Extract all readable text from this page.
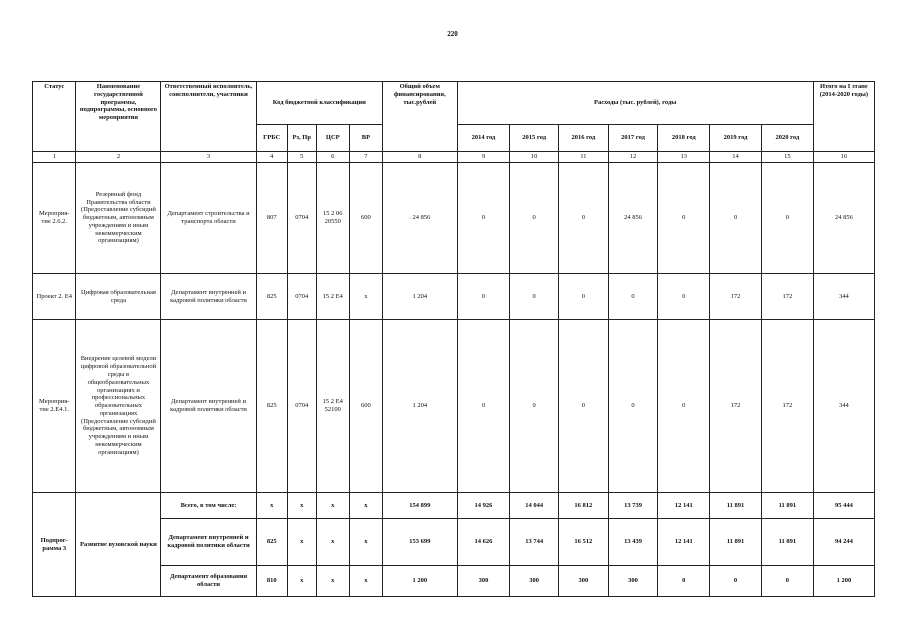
220
Статус	Наименование государственной программы, подпрограммы, основного мероприятия	Ответственный исполнитель, соисполнители, участники	Код бюджетной классификации				Общий объем финансирования, тыс.рублей	Расходы (тыс. рублей), годы							Итого на I этапе (2014-2020 годы)
			ГРБС	Рз, Пр	ЦСР	ВР		2014 год	2015 год	2016 год	2017 год	2018 год	2019 год	2020 год	
1	2	3	4	5	6	7	8	9	10	11	12	13	14	15	16
Мероприя-тие 2.6.2.	Резервный фонд Правительства области (Предоставление субсидий бюджетным, автономным учреждениям и иным некоммерческим организациям)	Департамент строительства и транспорта области	807	0704	15 2 06 20550	600	. 24 856	0	0	0	24 856	0	0	0	24 856
Проект 2. Е4	Цифровая образовательная среда	Департамент внутренней и кадровой политики области	825	0704	15 2 Е4	x	1 204	0	0	0	0	0	172	172	344
Мероприя-тие 2.Е4.1.	Внедрение целевой модели цифровой образовательной среды в общеобразовательных организациях и профессиональных образовательных организациях (Предоставление субсидий бюджетным, автономным учреждениям и иным некоммерческим организациям)	Департамент внутренней и кадровой политики области	825	0704	15 2 Е4 52100	600	1 204	0	0	0	0	0	172	172	344
Подпрог-рамма 3	Развитие вузовской науки	Всего, в том числе:	x	x	x	x	154 899	14 926	14 044	16 812	13 739	12 141	11 891	11 891	95 444
		Департамент внутренней и кадровой политики области	825	x	x	x	153 699	14 626	13 744	16 512	13 439	12 141	11 891	11 891	94 244
		Департамент образования области	810	x	x	x	1 200	300	300	300	300	0	0	0	1 200
